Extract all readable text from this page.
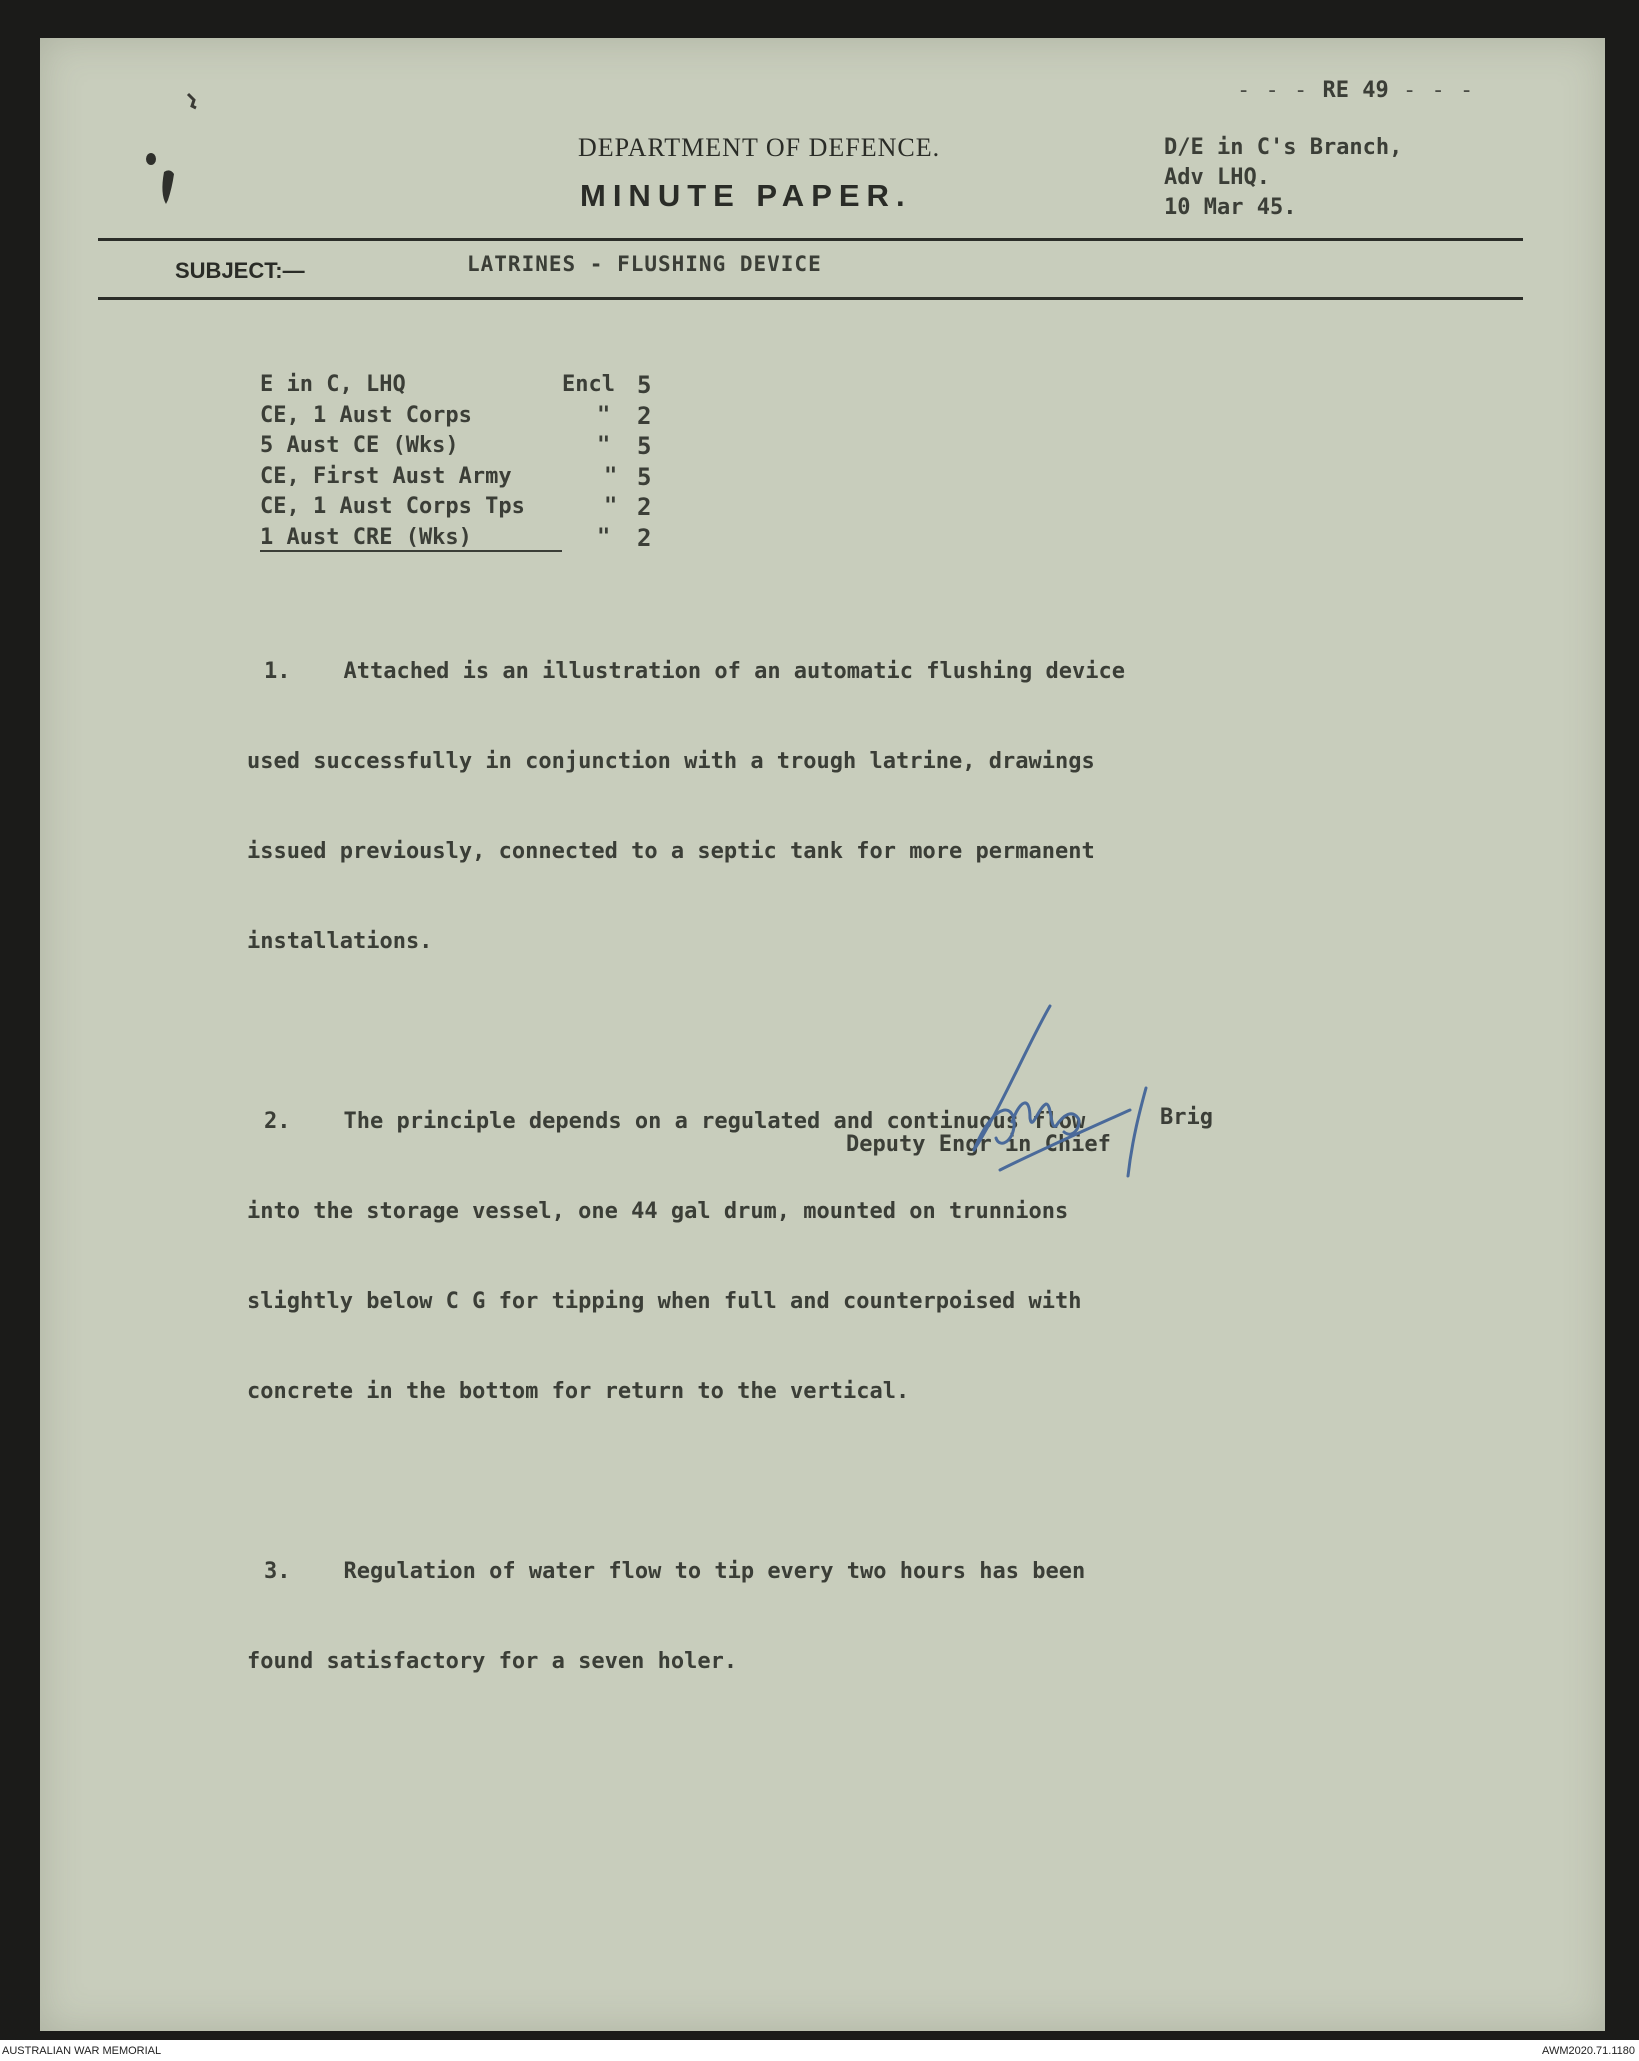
- - - RE 49 - - -
DEPARTMENT OF DEFENCE.
MINUTE PAPER.
D/E in C's Branch,
Adv LHQ.
10 Mar 45.
SUBJECT:—	LATRINES - FLUSHING DEVICE
E in C, LHQ	Encl 5
CE, 1 Aust Corps	" 2
5 Aust CE (Wks)	" 5
CE, First Aust Army	" 5
CE, 1 Aust Corps Tps	" 2
1 Aust CRE (Wks)	" 2

1.    Attached is an illustration of an automatic flushing device

used successfully in conjunction with a trough latrine, drawings

issued previously, connected to a septic tank for more permanent

installations.

2.    The principle depends on a regulated and continuous flow

into the storage vessel, one 44 gal drum, mounted on trunnions

slightly below C G for tipping when full and counterpoised with

concrete in the bottom for return to the vertical.

3.    Regulation of water flow to tip every two hours has been

found satisfactory for a seven holer.

Brig
Deputy Engr in Chief
AUSTRALIAN WAR MEMORIAL	AWM2020.71.1180
